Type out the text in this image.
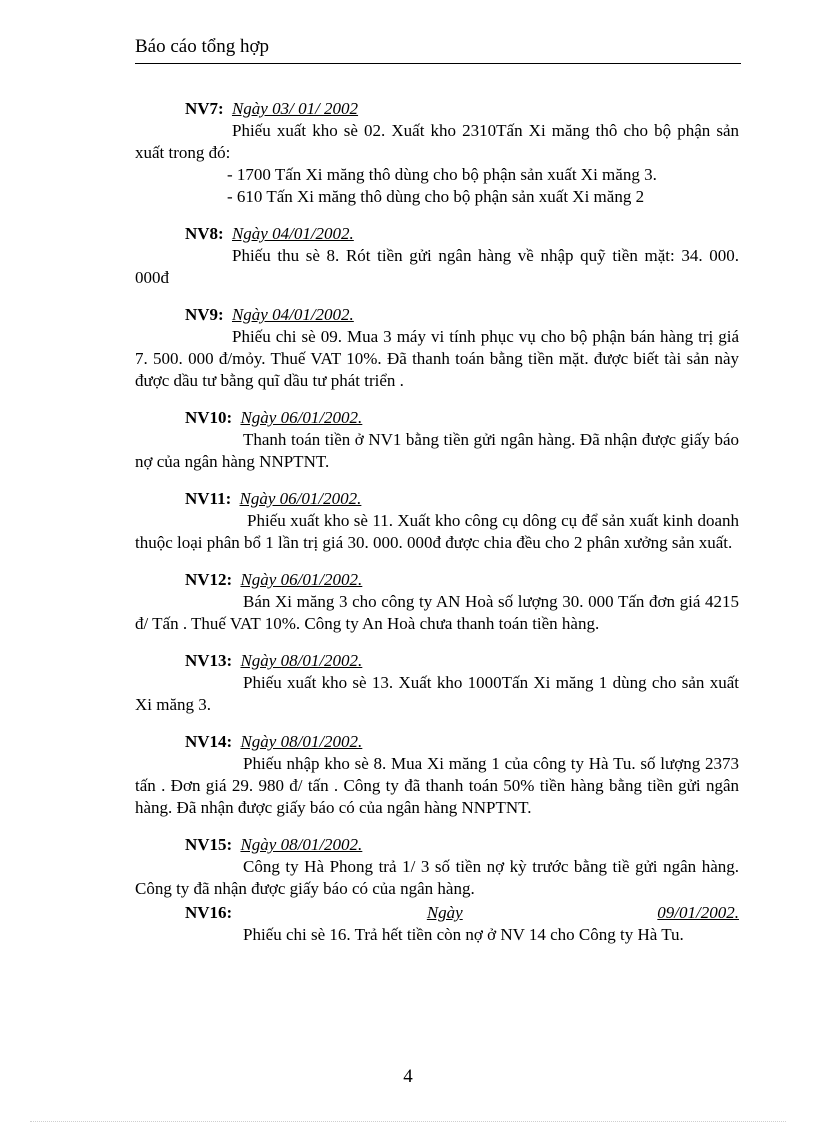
Báo cáo tổng hợp
NV7: Ngày 03/ 01/ 2002

Phiếu xuất kho sè 02. Xuất kho 2310Tấn Xi măng thô cho bộ phận sản xuất trong đó:

- 1700 Tấn Xi măng thô dùng cho bộ phận sản xuất Xi măng 3.
- 610 Tấn Xi măng thô dùng cho bộ phận sản xuất Xi măng 2
NV8: Ngày 04/01/2002.

Phiếu thu sè 8. Rót tiền gửi ngân hàng về nhập quỹ tiền mặt: 34. 000. 000đ

NV9: Ngày 04/01/2002.

Phiếu chi sè 09. Mua 3 máy vi tính phục vụ cho bộ phận bán hàng trị giá 7. 500. 000 đ/mỏy. Thuế VAT 10%. Đã thanh toán bằng tiền mặt. được biết tài sản này được dầu tư bằng quĩ dầu tư phát triển .

NV10: Ngày 06/01/2002.

Thanh toán tiền ở NV1 bằng tiền gửi ngân hàng. Đã nhận được giấy báo nợ của ngân hàng NNPTNT.

NV11: Ngày 06/01/2002.

Phiếu xuất kho sè 11. Xuất kho công cụ dông cụ để sản xuất kinh doanh thuộc loại phân bổ 1 lần trị giá 30. 000. 000đ được chia đều cho 2 phân xưởng sản xuất.

NV12: Ngày 06/01/2002.

Bán Xi măng 3 cho công ty AN Hoà số lượng 30. 000 Tấn đơn giá 4215 đ/ Tấn . Thuế VAT 10%. Công ty An Hoà chưa thanh toán tiền hàng.

NV13: Ngày 08/01/2002.

Phiếu xuất kho sè 13. Xuất kho 1000Tấn Xi măng 1 dùng cho sản xuất Xi măng 3.

NV14: Ngày 08/01/2002.

Phiếu nhập kho sè 8. Mua Xi măng 1 của công ty Hà Tu. số lượng 2373 tấn . Đơn giá 29. 980 đ/ tấn . Công ty đã thanh toán 50% tiền hàng bằng tiền gửi ngân hàng. Đã nhận được giấy báo có của ngân hàng NNPTNT.

NV15: Ngày 08/01/2002.

Công ty Hà Phong trả 1/ 3 số tiền nợ kỳ trước bằng tiề gửi ngân hàng. Công ty đã nhận được giấy báo có của ngân hàng.

NV16:	Ngày	09/01/2002.

Phiếu chi sè 16. Trả hết tiền còn nợ ở NV 14 cho Công ty Hà Tu.

4
